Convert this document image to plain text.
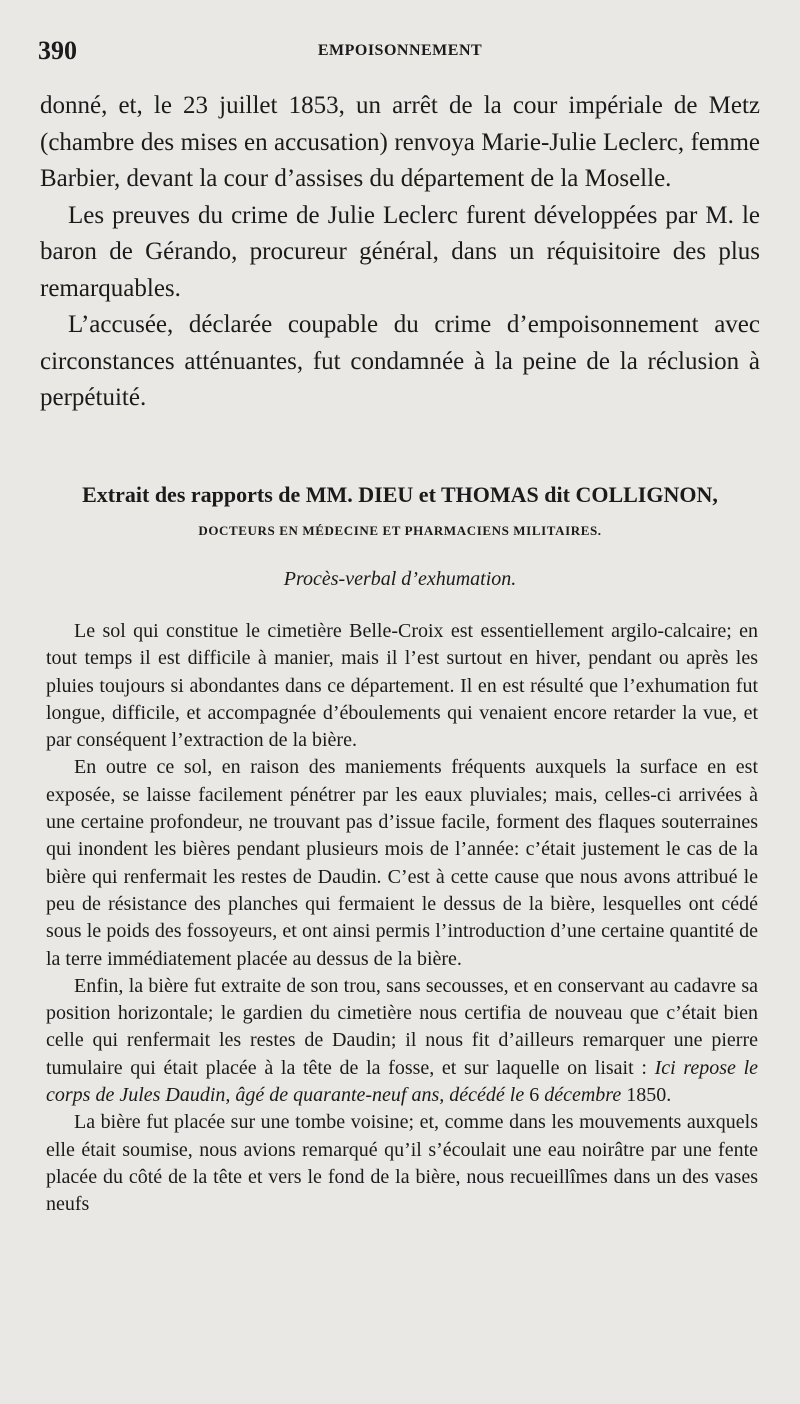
390	EMPOISONNEMENT

donné, et, le 23 juillet 1853, un arrêt de la cour impériale de Metz (chambre des mises en accusation) renvoya Marie-Julie Leclerc, femme Barbier, devant la cour d’assises du département de la Moselle.

Les preuves du crime de Julie Leclerc furent développées par M. le baron de Gérando, procureur général, dans un réquisitoire des plus remarquables.

L’accusée, déclarée coupable du crime d’empoisonnement avec circonstances atténuantes, fut condamnée à la peine de la réclusion à perpétuité.

Extrait des rapports de MM. DIEU et THOMAS dit COLLIGNON,
DOCTEURS EN MÉDECINE ET PHARMACIENS MILITAIRES.
Procès-verbal d’exhumation.

Le sol qui constitue le cimetière Belle-Croix est essentiellement argilo-calcaire; en tout temps il est difficile à manier, mais il l’est surtout en hiver, pendant ou après les pluies toujours si abondantes dans ce département. Il en est résulté que l’exhumation fut longue, difficile, et accompagnée d’éboulements qui venaient encore retarder la vue, et par conséquent l’extraction de la bière.

En outre ce sol, en raison des maniements fréquents auxquels la surface en est exposée, se laisse facilement pénétrer par les eaux pluviales; mais, celles-ci arrivées à une certaine profondeur, ne trouvant pas d’issue facile, forment des flaques souterraines qui inondent les bières pendant plusieurs mois de l’année: c’était justement le cas de la bière qui renfermait les restes de Daudin. C’est à cette cause que nous avons attribué le peu de résistance des planches qui fermaient le dessus de la bière, lesquelles ont cédé sous le poids des fossoyeurs, et ont ainsi permis l’introduction d’une certaine quantité de la terre immédiatement placée au dessus de la bière.

Enfin, la bière fut extraite de son trou, sans secousses, et en conservant au cadavre sa position horizontale; le gardien du cimetière nous certifia de nouveau que c’était bien celle qui renfermait les restes de Daudin; il nous fit d’ailleurs remarquer une pierre tumulaire qui était placée à la tête de la fosse, et sur laquelle on lisait : Ici repose le corps de Jules Daudin, âgé de quarante-neuf ans, décédé le 6 décembre 1850.

La bière fut placée sur une tombe voisine; et, comme dans les mouvements auxquels elle était soumise, nous avions remarqué qu’il s’écoulait une eau noirâtre par une fente placée du côté de la tête et vers le fond de la bière, nous recueillîmes dans un des vases neufs
